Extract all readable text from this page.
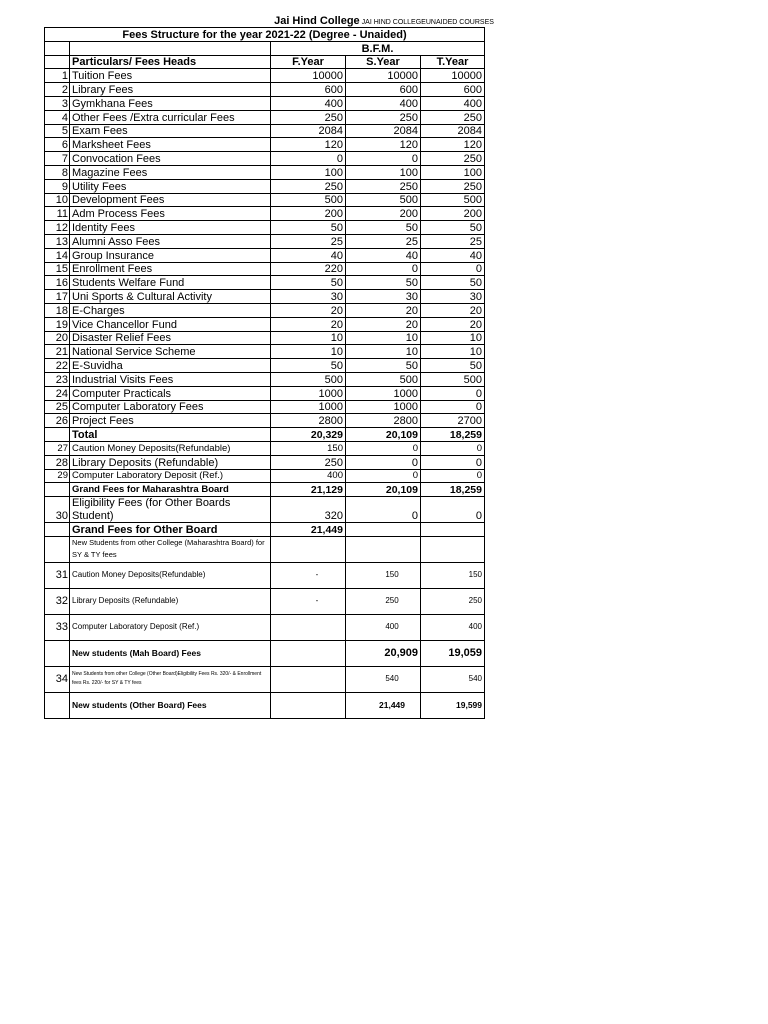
Jai Hind College JAI HIND COLLEGEUNAIDED COURSES
Fees Structure for the year 2021-22 (Degree - Unaided)				
		B.F.M.		
	Particulars/ Fees Heads	F.Year	S.Year	T.Year
1	Tuition Fees	10000	10000	10000
2	Library Fees	600	600	600
3	Gymkhana Fees	400	400	400
4	Other Fees /Extra curricular Fees	250	250	250
5	Exam Fees	2084	2084	2084
6	Marksheet Fees	120	120	120
7	Convocation Fees	0	0	250
8	Magazine Fees	100	100	100
9	Utility Fees	250	250	250
10	Development Fees	500	500	500
11	Adm Process Fees	200	200	200
12	Identity Fees	50	50	50
13	Alumni Asso Fees	25	25	25
14	Group Insurance	40	40	40
15	Enrollment Fees	220	0	0
16	Students Welfare Fund	50	50	50
17	Uni Sports & Cultural Activity	30	30	30
18	E-Charges	20	20	20
19	Vice Chancellor Fund	20	20	20
20	Disaster Relief Fees	10	10	10
21	National Service Scheme	10	10	10
22	E-Suvidha	50	50	50
23	Industrial Visits Fees	500	500	500
24	Computer Practicals	1000	1000	0
25	Computer Laboratory Fees	1000	1000	0
26	Project Fees	2800	2800	2700
	Total	20,329	20,109	18,259
27	Caution Money Deposits(Refundable)	150	0	0
28	Library Deposits (Refundable)	250	0	0
29	Computer Laboratory Deposit (Ref.)	400	0	0
	Grand Fees for Maharashtra Board	21,129	20,109	18,259
30	Eligibility Fees (for Other Boards Student)	320	0	0
	Grand Fees for Other Board	21,449		
	New Students from other College (Maharashtra Board) for SY & TY fees			
31	Caution Money Deposits(Refundable)	-	150	150
32	Library Deposits (Refundable)	-	250	250
33	Computer Laboratory Deposit (Ref.)		400	400
	New students (Mah Board) Fees		20,909	19,059
34	New Students from other College (Other Board)Eligibility Fees Rs. 320/- & Enrollment fees Rs. 220/- for SY & TY fees		540	540
	New students (Other Board) Fees		21,449	19,599
